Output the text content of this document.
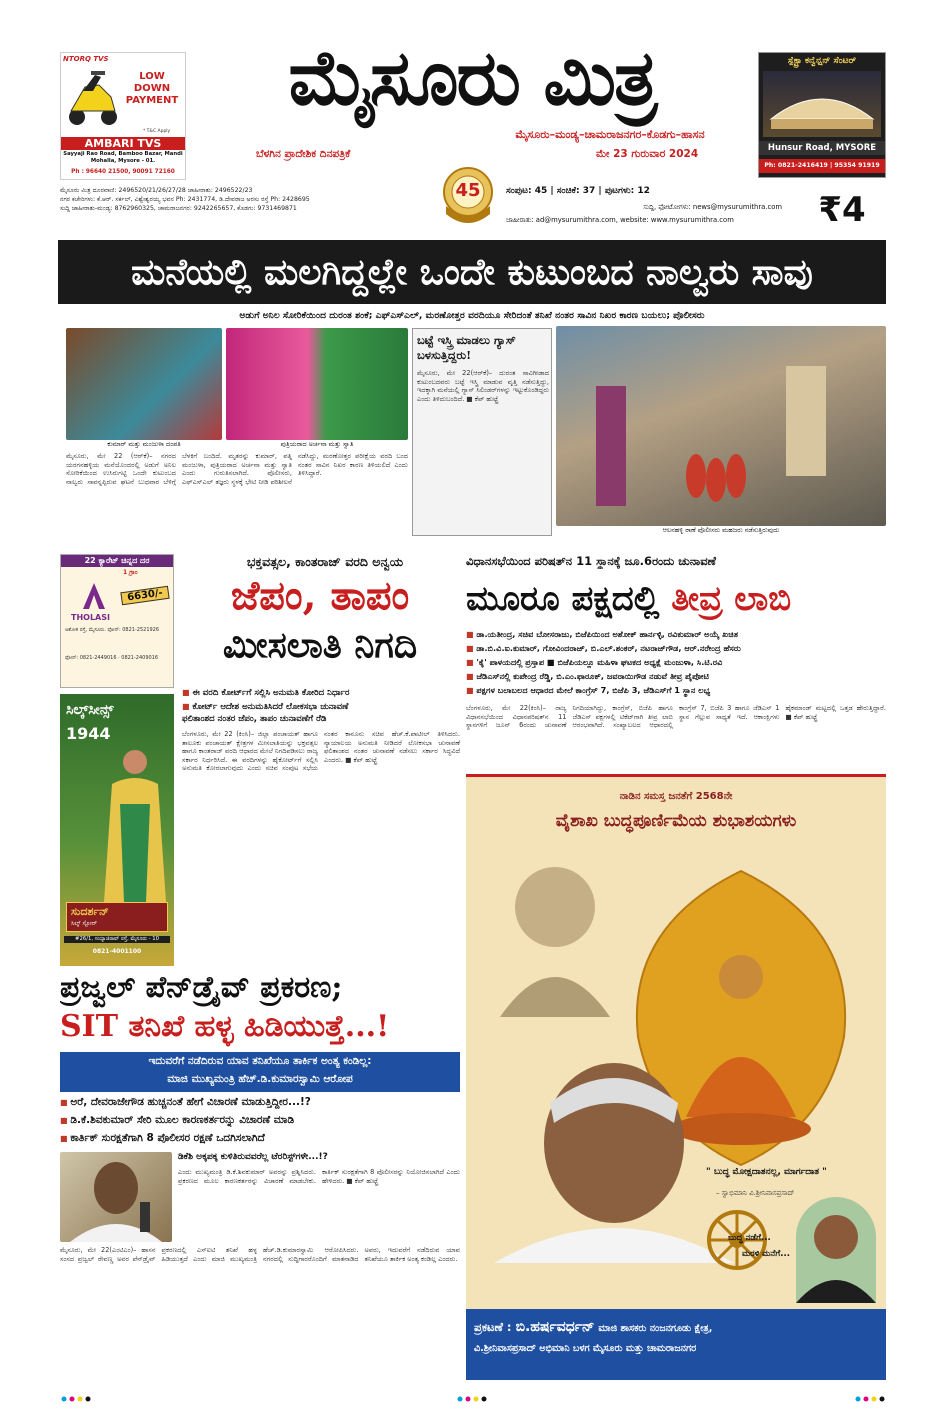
NTORQ TVS
LOW DOWN PAYMENT
* T&C Apply
AMBARI TVS
Sayyaji Rao Road, Bamboo Bazar, Mandi Mohalla, Mysore - 01.
Ph : 96640 21500, 90091 72160
ಮೈಸೂರು ಮಿತ್ರ
ಮೈಸೂರು–ಮಂಡ್ಯ–ಚಾಮರಾಜನಗರ–ಕೊಡಗು–ಹಾಸನ
ಬೆಳಗಿನ ಪ್ರಾದೇಶಿಕ ದಿನಪತ್ರಿಕೆ	ಮೇ 23 ಗುರುವಾರ 2024
45
ಮೈಸೂರು ಮಿತ್ರ ದೂರವಾಣಿ: 2496520/21/26/27/28 ಜಾಹೀರಾತು: 2496522/23
ನಗರ ಕಚೇರಿಗಳು: ಕೆ.ಆರ್. ಸರ್ಕಲ್, ವಿಶ್ವೇಶ್ವರಯ್ಯ ಭವನ Ph: 2431774, ಡಿ.ದೇವರಾಜ ಅರಸು ರಸ್ತೆ Ph: 2428695
ಸುದ್ದಿ ಜಾಹೀರಾತು-ಮಂಡ್ಯ: 8762960325, ಚಾಮರಾಜನಗರ: 9242265657, ಕೊಡಗು: 9731469871
ಸಂಪುಟ: 45 | ಸಂಚಿಕೆ: 37 | ಪುಟಗಳು: 12
ಸುದ್ದಿ, ಫೋಟೋಗಳು: news@mysurumithra.com
ಜಾಹೀರಾತು: ad@mysurumithra.com, website: www.mysurumithra.com	₹4
ಸ್ಪೆಕ್ಟ್ರಾ ಕನ್ವೆನ್ಷನ್ ಸೆಂಟರ್
Hunsur Road, MYSORE
Ph: 0821-2416419 | 95354 91919
ಮನೆಯಲ್ಲಿ ಮಲಗಿದ್ದಲ್ಲೇ ಒಂದೇ ಕುಟುಂಬದ ನಾಲ್ವರು ಸಾವು
ಅಡುಗೆ ಅನಿಲ ಸೋರಿಕೆಯಿಂದ ದುರಂತ ಶಂಕೆ; ಎಫ್‌ಎಸ್‌ಎಲ್, ಮರಣೋತ್ತರ ವರದಿಯೂ ಸೇರಿದಂತೆ ತನಿಖೆ ನಂತರ ಸಾವಿನ ನಿಖರ ಕಾರಣ ಬಯಲು; ಪೊಲೀಸರು
ಕುಮಾರ್ ಮತ್ತು ಮಂಜುಳಾ ದಂಪತಿ	ಪುತ್ರಿಯರಾದ ಅರ್ಚನಾ ಮತ್ತು ಸ್ವಾತಿ

ಮೈಸೂರು, ಮೇ 22 (ಆರ್‌ಕೆ)– ನಗರದ ಯರಗನಹಳ್ಳಿಯ ಮನೆಯೊಂದರಲ್ಲಿ ಅಡುಗೆ ಅನಿಲ ಸೋರಿಕೆಯಿಂದ ಉಸಿರುಗಟ್ಟಿ ಒಂದೇ ಕುಟುಂಬದ ನಾಲ್ವರು ಸಾವನ್ನಪ್ಪಿರುವ ಘಟನೆ ಬುಧವಾರ ಬೆಳಿಗ್ಗೆ ಬೆಳಕಿಗೆ ಬಂದಿದೆ. ಮೃತರನ್ನು ಕುಮಾರ್, ಪತ್ನಿ ಮಂಜುಳಾ, ಪುತ್ರಿಯರಾದ ಅರ್ಚನಾ ಮತ್ತು ಸ್ವಾತಿ ಎಂದು ಗುರುತಿಸಲಾಗಿದೆ. ಪೊಲೀಸರು, ಎಫ್‌ಎಸ್‌ಎಲ್ ತಜ್ಞರು ಸ್ಥಳಕ್ಕೆ ಭೇಟಿ ನೀಡಿ ಪರಿಶೀಲನೆ ನಡೆಸಿದ್ದು, ಮರಣೋತ್ತರ ಪರೀಕ್ಷೆಯ ವರದಿ ಬಂದ ನಂತರ ಸಾವಿನ ನಿಖರ ಕಾರಣ ತಿಳಿಯಲಿದೆ ಎಂದು ತಿಳಿಸಿದ್ದಾರೆ.

ಬಟ್ಟೆ ಇಸ್ತ್ರಿ ಮಾಡಲು ಗ್ಯಾಸ್ ಬಳಸುತ್ತಿದ್ದರು!
ಮೈಸೂರು, ಮೇ 22(ಆರ್‌ಕೆ)– ದುರಂತ ಸಾವಿಗೀಡಾದ ಕುಟುಂಬದವರು ಬಟ್ಟೆ ಇಸ್ತ್ರಿ ಮಾಡುವ ವೃತ್ತಿ ನಡೆಸುತ್ತಿದ್ದು, ಇದಕ್ಕಾಗಿ ಮನೆಯಲ್ಲಿ ಗ್ಯಾಸ್ ಸಿಲಿಂಡರ್‌ಗಳನ್ನು ಇಟ್ಟುಕೊಂಡಿದ್ದರು ಎಂದು ತಿಳಿದುಬಂದಿದೆ. ■ ಕೆಪ್ ಹುಟ್ಟ್ರೆ
ಆಲನಹಳ್ಳಿ ಠಾಣೆ ಪೊಲೀಸರು ಮಹಜರು ನಡೆಸುತ್ತಿರುವುದು
22 ಕ್ಯಾರೆಟ್ ಚಿನ್ನದ ದರ
1 ಗ್ರಾಂ
THOLASI
6630/-
ಅಶೋಕ ರಸ್ತೆ, ಮೈಸೂರು. ಫೋನ್: 0821-2521926
ಫೋನ್: 0821-2449016 · 0821-2409016
ಸಿಲ್ಕ್‌ಸೀನ್ಸ್
1944
ಸುದರ್ಶನ್
ಸಿಲ್ಕ್ ಸ್ಟೋರ್
#26/1, ಸಯ್ಯಾಜಿರಾವ್ ರಸ್ತೆ, ಮೈಸೂರು - 10
0821-4001100
ಭಕ್ತವತ್ಸಲ, ಕಾಂತರಾಜ್ ವರದಿ ಅನ್ವಯ
ಜೆಪಂ, ತಾಪಂ
ಮೀಸಲಾತಿ ನಿಗದಿ
■ ಈ ವರದಿ ಕೋರ್ಟ್‌ಗೆ ಸಲ್ಲಿಸಿ ಅನುಮತಿ ಕೋರಿದ ನಿರ್ಧಾರ
■ ಕೋರ್ಟ್ ಆದೇಶ ಅನುಮತಿಸಿದರೆ ಲೋಕಸಭಾ ಚುನಾವಣೆ
ಫಲಿತಾಂಶದ ನಂತರ ಜೆಪಂ, ತಾಪಂ ಚುನಾವಣೆಗೆ ರೆಡಿ

ಬೆಂಗಳೂರು, ಮೇ 22 (ಕಿಂಸಿ)– ಜಿಲ್ಲಾ ಪಂಚಾಯತ್ ಹಾಗೂ ತಾಲೂಕು ಪಂಚಾಯತ್ ಕ್ಷೇತ್ರಗಳ ಮೀಸಲಾತಿಯನ್ನು ಭಕ್ತವತ್ಸಲ ಹಾಗೂ ಕಾಂತರಾಜ್ ವರದಿ ಆಧಾರದ ಮೇಲೆ ನಿಗದಿಪಡಿಸಲು ರಾಜ್ಯ ಸರ್ಕಾರ ನಿರ್ಧರಿಸಿದೆ. ಈ ವರದಿಗಳನ್ನು ಹೈಕೋರ್ಟ್‌ಗೆ ಸಲ್ಲಿಸಿ ಅನುಮತಿ ಕೋರಲಾಗುವುದು ಎಂದು ಸಚಿವ ಸಂಪುಟ ಸಭೆಯ ನಂತರ ಕಾನೂನು ಸಚಿವ ಹೆಚ್.ಕೆ.ಪಾಟೀಲ್ ತಿಳಿಸಿದರು. ನ್ಯಾಯಾಲಯ ಅನುಮತಿ ನೀಡಿದರೆ ಲೋಕಸಭಾ ಚುನಾವಣೆ ಫಲಿತಾಂಶದ ನಂತರ ಚುನಾವಣೆ ನಡೆಸಲು ಸರ್ಕಾರ ಸಿದ್ಧವಿದೆ ಎಂದರು. ■ ಕೆಪ್ ಹುಟ್ಟ್ರೆ

ವಿಧಾನಸಭೆಯಿಂದ ಪರಿಷತ್‌ನ 11 ಸ್ಥಾನಕ್ಕೆ ಜೂ.6ರಂದು ಚುನಾವಣೆ
ಮೂರೂ ಪಕ್ಷದಲ್ಲಿ ತೀವ್ರ ಲಾಬಿ
■ ಡಾ.ಯತೀಂದ್ರ, ಸಚಿವ ಬೋಸರಾಜು, ಬಿಜೆಪಿಯಿಂದ ಅಶೋಕ್ ಹಾರ್ನಳ್ಳಿ, ರವಿಕುಮಾರ್ ಅಯ್ಕೆ ಖಚಿತ
■ ಡಾ.ಬಿ.ವಿ.ಐ.ಕುಮಾರ್, ಗೋವಿಂದರಾಜ್, ಬಿ.ಎಲ್.ಶಂಕರ್, ನಟರಾಜ್‌ಗೌಡ, ಆರ್.ನರೇಂದ್ರ ಹೆಸರು
■ 'ಕೈ' ಪಾಳಯದಲ್ಲಿ ಪ್ರಸ್ತಾಪ ■ ಬಿಜೆಪಿಯಲ್ಲೂ ಮಹಿಳಾ ಘಟಕದ ಅಧ್ಯಕ್ಷೆ ಮಂಜುಳಾ, ಸಿ.ಟಿ.ರವಿ
■ ಜೆಡಿಎಸ್‌ನಲ್ಲಿ ಕುಪೇಂದ್ರ ರೆಡ್ಡಿ, ಬಿ.ಎಂ.ಫಾರೂಕ್, ಜವರಾಯಿಗೌಡ ನಡುವೆ ತೀವ್ರ ಪೈಪೋಟಿ
■ ಪಕ್ಷಗಳ ಬಲಾಬಲದ ಆಧಾರದ ಮೇಲೆ ಕಾಂಗ್ರೆಸ್ 7, ಬಿಜೆಪಿ 3, ಜೆಡಿಎಸ್‌ಗೆ 1 ಸ್ಥಾನ ಲಭ್ಯ

ಬೆಂಗಳೂರು, ಮೇ 22(ಕಿಂಸಿ)– ರಾಜ್ಯ ವಿಧಾನಸಭೆಯಿಂದ ವಿಧಾನಪರಿಷತ್‌ನ 11 ಸ್ಥಾನಗಳಿಗೆ ಜೂನ್ 6ರಂದು ಚುನಾವಣೆ ನಿಗದಿಯಾಗಿದ್ದು, ಕಾಂಗ್ರೆಸ್, ಬಿಜೆಪಿ ಹಾಗೂ ಜೆಡಿಎಸ್ ಪಕ್ಷಗಳಲ್ಲಿ ಟಿಕೆಟ್‌ಗಾಗಿ ತೀವ್ರ ಲಾಬಿ ಆರಂಭವಾಗಿದೆ. ಸಂಖ್ಯಾಬಲದ ಆಧಾರದಲ್ಲಿ ಕಾಂಗ್ರೆಸ್ 7, ಬಿಜೆಪಿ 3 ಹಾಗೂ ಜೆಡಿಎಸ್ 1 ಸ್ಥಾನ ಗೆಲ್ಲುವ ಸಾಧ್ಯತೆ ಇದೆ. ಆಕಾಂಕ್ಷಿಗಳು ಹೈಕಮಾಂಡ್ ಮಟ್ಟದಲ್ಲಿ ಒತ್ತಡ ಹೇರುತ್ತಿದ್ದಾರೆ. ■ ಕೆಪ್ ಹುಟ್ಟ್ರೆ

ನಾಡಿನ ಸಮಸ್ತ ಜನತೆಗೆ 2568ನೇ
ವೈಶಾಖ ಬುದ್ಧಪೂರ್ಣಿಮೆಯ ಶುಭಾಶಯಗಳು
" ಬುದ್ಧ ಮೋಕ್ಷದಾತನಲ್ಲ, ಮಾರ್ಗದಾತ "
– ಸ್ವಾಭಿಮಾನಿ ವಿ.ಶ್ರೀನಿವಾಸಪ್ರಸಾದ್
ಬುದ್ಧ ನಡೆಗೆ...
ಮರಳಿ ಮನೆಗೆ...
ಪ್ರಕಟಣೆ : ಬಿ.ಹರ್ಷವರ್ಧನ್ ಮಾಜಿ ಶಾಸಕರು ನಂಜನಗೂಡು ಕ್ಷೇತ್ರ,
ವಿ.ಶ್ರೀನಿವಾಸಪ್ರಸಾದ್ ಅಭಿಮಾನಿ ಬಳಗ ಮೈಸೂರು ಮತ್ತು ಚಾಮರಾಜನಗರ
ಪ್ರಜ್ವಲ್ ಪೆನ್‌ಡ್ರೈವ್ ಪ್ರಕರಣ;
SIT ತನಿಖೆ ಹಳ್ಳ ಹಿಡಿಯುತ್ತೆ...!
ಇದುವರೆಗೆ ನಡೆದಿರುವ ಯಾವ ತನಿಖೆಯೂ ತಾರ್ಕಿಕ ಅಂತ್ಯ ಕಂಡಿಲ್ಲ:
ಮಾಜಿ ಮುಖ್ಯಮಂತ್ರಿ ಹೆಚ್.ಡಿ.ಕುಮಾರಸ್ವಾಮಿ ಆರೋಪ
■ ಅರೆ, ದೇವರಾಜೇಗೌಡ ಹುಚ್ಚನಂತೆ ಹೇಗೆ ವಿಚಾರಣೆ ಮಾಡುತ್ತಿದ್ದೀರ...!?
■ ಡಿ.ಕೆ.ಶಿವಕುಮಾರ್ ಸೇರಿ ಮೂಲ ಕಾರಣಕರ್ತರನ್ನು ವಿಚಾರಣೆ ಮಾಡಿ
■ ಕಾರ್ತಿಕ್ ಸುರಕ್ಷತೆಗಾಗಿ 8 ಪೊಲೀಸರ ರಕ್ಷಣೆ ಒದಗಿಸಲಾಗಿದೆ
ಡಿಕೆಶಿ ಅಕ್ಕಪಕ್ಕ ಕುಳಿತಿರುವವರೆಲ್ಲ ಟೆರರಿಸ್ಟ್‌ಗಳೇ...!?

ಎಂದು ಮುಖ್ಯಮಂತ್ರಿ ಡಿ.ಕೆ.ಶಿವಕುಮಾರ್ ಅವರನ್ನು ಪ್ರಶ್ನಿಸಿದರು. ಪ್ರಕರಣದ ಮೂಲ ಕಾರಣಕರ್ತರನ್ನು ವಿಚಾರಣೆ ಮಾಡಬೇಕು. ಕಾರ್ತಿಕ್ ಸುರಕ್ಷತೆಗಾಗಿ 8 ಪೊಲೀಸರನ್ನು ನಿಯೋಜಿಸಲಾಗಿದೆ ಎಂದು ಹೇಳಿದರು. ■ ಕೆಪ್ ಹುಟ್ಟ್ರೆ

ಮೈಸೂರು, ಮೇ 22(ಎಂಟಿಎಂ)– ಹಾಸನ ಸಂಸದ ಪ್ರಜ್ವಲ್ ರೇವಣ್ಣ ಅವರ ಪೆನ್‌ಡ್ರೈವ್ ಪ್ರಕರಣದಲ್ಲಿ ಎಸ್‌ಐಟಿ ತನಿಖೆ ಹಳ್ಳ ಹಿಡಿಯುತ್ತದೆ ಎಂದು ಮಾಜಿ ಮುಖ್ಯಮಂತ್ರಿ ಹೆಚ್.ಡಿ.ಕುಮಾರಸ್ವಾಮಿ ಆರೋಪಿಸಿದರು. ನಗರದಲ್ಲಿ ಸುದ್ದಿಗಾರರೊಂದಿಗೆ ಮಾತನಾಡಿದ ಅವರು, ಇದುವರೆಗೆ ನಡೆದಿರುವ ಯಾವ ತನಿಖೆಯೂ ತಾರ್ಕಿಕ ಅಂತ್ಯ ಕಂಡಿಲ್ಲ ಎಂದರು.
